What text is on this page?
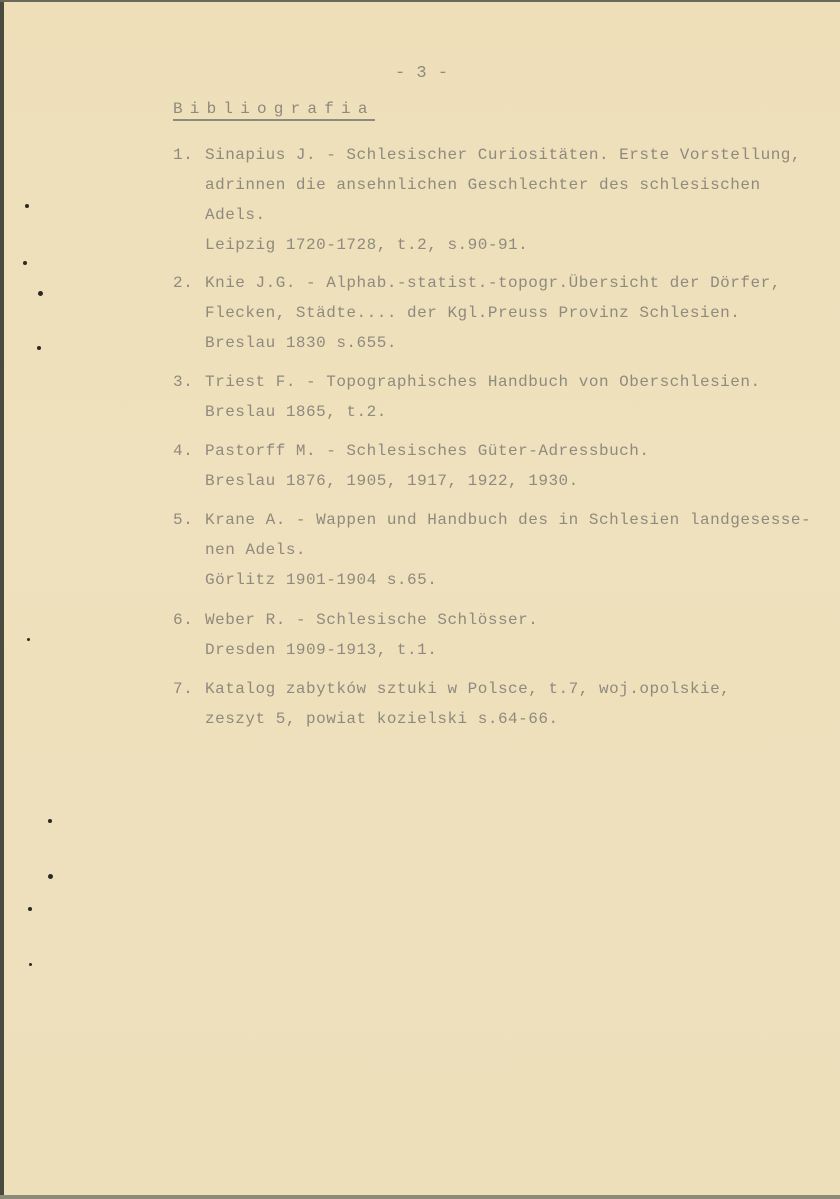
- 3 -
Bibliografia
1. Sinapius J. - Schlesischer Curiositäten. Erste Vorstellung,
adrinnen die ansehnlichen Geschlechter des schlesischen
Adels.
Leipzig 1720-1728, t.2, s.90-91.
2. Knie J.G. - Alphab.-statist.-topogr.Übersicht der Dörfer,
Flecken, Städte.... der Kgl.Preuss Provinz Schlesien.
Breslau 1830 s.655.
3. Triest F. - Topographisches Handbuch von Oberschlesien.
Breslau 1865, t.2.
4. Pastorff M. - Schlesisches Güter-Adressbuch.
Breslau 1876, 1905, 1917, 1922, 1930.
5. Krane A. - Wappen und Handbuch des in Schlesien landgesesse-
nen Adels.
Görlitz 1901-1904 s.65.
6. Weber R. - Schlesische Schlösser.
Dresden 1909-1913, t.1.
7. Katalog zabytków sztuki w Polsce, t.7, woj.opolskie,
zeszyt 5, powiat kozielski s.64-66.
